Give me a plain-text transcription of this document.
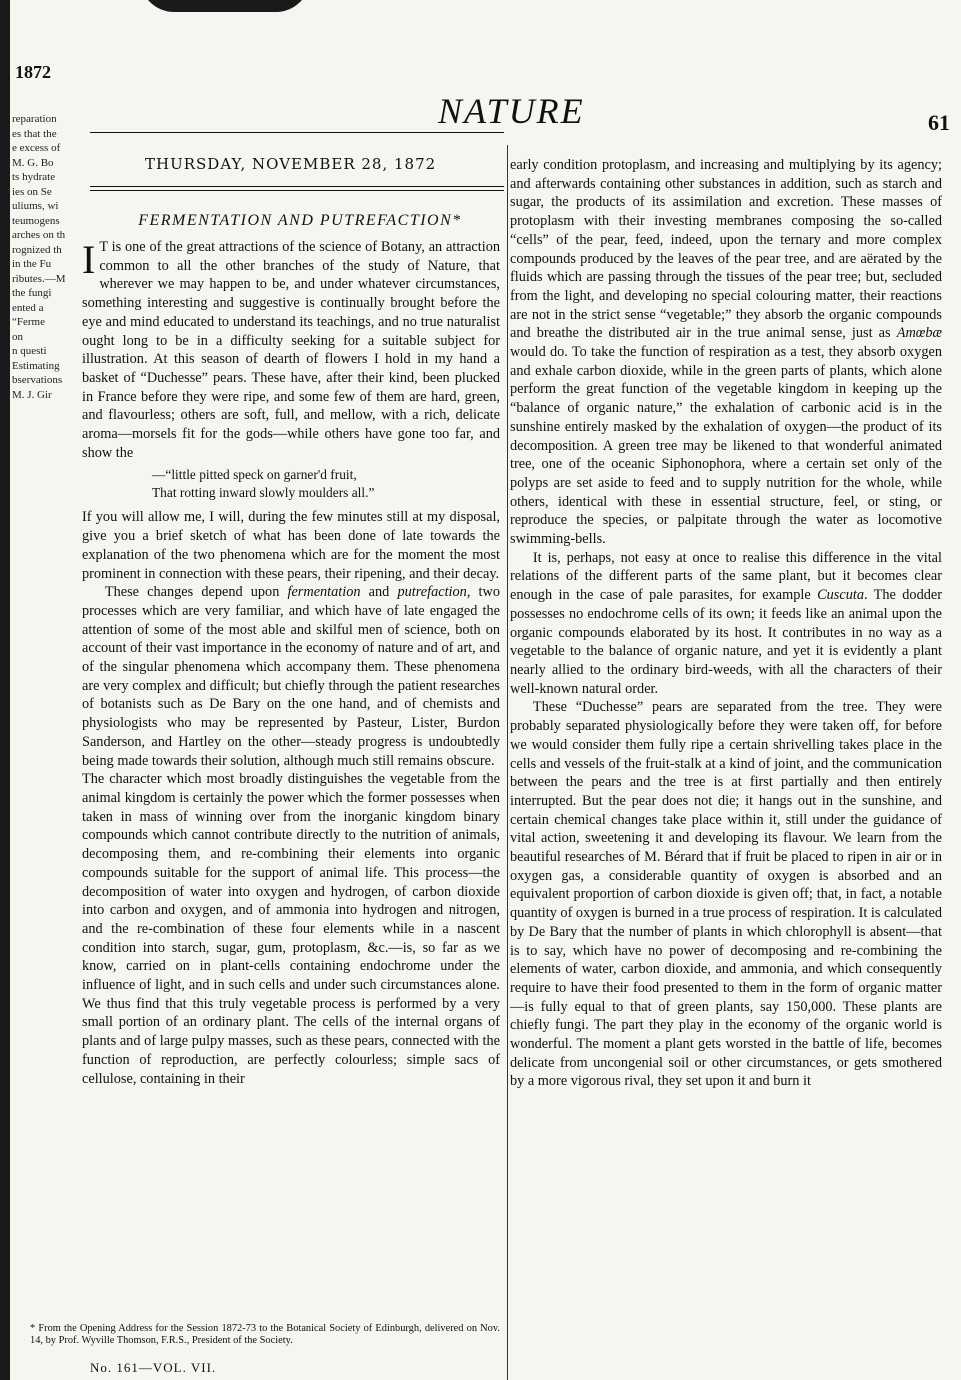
, 1872
reparation
es that the
e excess of
M. G. Bo
ts hydrate
ies on Se
uliums, wi
teumogens
arches on th
rognized th
in the Fu
ributes.—M
the fungi
ented a
“Ferme
on
n questi
Estimating
bservations
M. J. Gir
NATURE	61
THURSDAY, NOVEMBER 28, 1872
FERMENTATION AND PUTREFACTION*

I T is one of the great attractions of the science of Botany, an attraction common to all the other branches of the study of Nature, that wherever we may happen to be, and under whatever circumstances, something interesting and suggestive is continually brought before the eye and mind educated to understand its teachings, and no true naturalist ought long to be in a difficulty seeking for a suitable subject for illustration. At this season of dearth of flowers I hold in my hand a basket of “Duchesse” pears. These have, after their kind, been plucked in France before they were ripe, and some few of them are hard, green, and flavourless; others are soft, full, and mellow, with a rich, delicate aroma—morsels fit for the gods—while others have gone too far, and show the

—“little pitted speck on garner'd fruit,
That rotting inward slowly moulders all.”

If you will allow me, I will, during the few minutes still at my disposal, give you a brief sketch of what has been done of late towards the explanation of the two phenomena which are for the moment the most prominent in connection with these pears, their ripening, and their decay.

These changes depend upon fermentation and putrefaction, two processes which are very familiar, and which have of late engaged the attention of some of the most able and skilful men of science, both on account of their vast importance in the economy of nature and of art, and of the singular phenomena which accompany them. These phenomena are very complex and difficult; but chiefly through the patient researches of botanists such as De Bary on the one hand, and of chemists and physiologists who may be represented by Pasteur, Lister, Burdon Sanderson, and Hartley on the other—steady progress is undoubtedly being made towards their solution, although much still remains obscure.

The character which most broadly distinguishes the vegetable from the animal kingdom is certainly the power which the former possesses when taken in mass of winning over from the inorganic kingdom binary compounds which cannot contribute directly to the nutrition of animals, decomposing them, and re-combining their elements into organic compounds suitable for the support of animal life. This process—the decomposition of water into oxygen and hydrogen, of carbon dioxide into carbon and oxygen, and of ammonia into hydrogen and nitrogen, and the re-combination of these four elements while in a nascent condition into starch, sugar, gum, protoplasm, &c.—is, so far as we know, carried on in plant-cells containing endochrome under the influence of light, and in such cells and under such circumstances alone. We thus find that this truly vegetable process is performed by a very small portion of an ordinary plant. The cells of the internal organs of plants and of large pulpy masses, such as these pears, connected with the function of reproduction, are perfectly colourless; simple sacs of cellulose, containing in their

early condition protoplasm, and increasing and multiplying by its agency; and afterwards containing other substances in addition, such as starch and sugar, the products of its assimilation and excretion. These masses of protoplasm with their investing membranes composing the so-called “cells” of the pear, feed, indeed, upon the ternary and more complex compounds produced by the leaves of the pear tree, and are aërated by the fluids which are passing through the tissues of the pear tree; but, secluded from the light, and developing no special colouring matter, their reactions are not in the strict sense “vegetable;” they absorb the organic compounds and breathe the distributed air in the true animal sense, just as Amœbæ would do. To take the function of respiration as a test, they absorb oxygen and exhale carbon dioxide, while in the green parts of plants, which alone perform the great function of the vegetable kingdom in keeping up the “balance of organic nature,” the exhalation of carbonic acid is in the sunshine entirely masked by the exhalation of oxygen—the product of its decomposition. A green tree may be likened to that wonderful animated tree, one of the oceanic Siphonophora, where a certain set only of the polyps are set aside to feed and to supply nutrition for the whole, while others, identical with these in essential structure, feel, or sting, or reproduce the species, or palpitate through the water as locomotive swimming-bells.

It is, perhaps, not easy at once to realise this difference in the vital relations of the different parts of the same plant, but it becomes clear enough in the case of pale parasites, for example Cuscuta. The dodder possesses no endochrome cells of its own; it feeds like an animal upon the organic compounds elaborated by its host. It contributes in no way as a vegetable to the balance of organic nature, and yet it is evidently a plant nearly allied to the ordinary bird-weeds, with all the characters of their well-known natural order.

These “Duchesse” pears are separated from the tree. They were probably separated physiologically before they were taken off, for before we would consider them fully ripe a certain shrivelling takes place in the cells and vessels of the fruit-stalk at a kind of joint, and the communication between the pears and the tree is at first partially and then entirely interrupted. But the pear does not die; it hangs out in the sunshine, and certain chemical changes take place within it, still under the guidance of vital action, sweetening it and developing its flavour. We learn from the beautiful researches of M. Bérard that if fruit be placed to ripen in air or in oxygen gas, a considerable quantity of oxygen is absorbed and an equivalent proportion of carbon dioxide is given off; that, in fact, a notable quantity of oxygen is burned in a true process of respiration. It is calculated by De Bary that the number of plants in which chlorophyll is absent—that is to say, which have no power of decomposing and re-combining the elements of water, carbon dioxide, and ammonia, and which consequently require to have their food presented to them in the form of organic matter—is fully equal to that of green plants, say 150,000. These plants are chiefly fungi. The part they play in the economy of the organic world is wonderful. The moment a plant gets worsted in the battle of life, becomes delicate from uncongenial soil or other circumstances, or gets smothered by a more vigorous rival, they set upon it and burn it

* From the Opening Address for the Session 1872-73 to the Botanical Society of Edinburgh, delivered on Nov. 14, by Prof. Wyville Thomson, F.R.S., President of the Society.
No. 161—VOL. VII.
